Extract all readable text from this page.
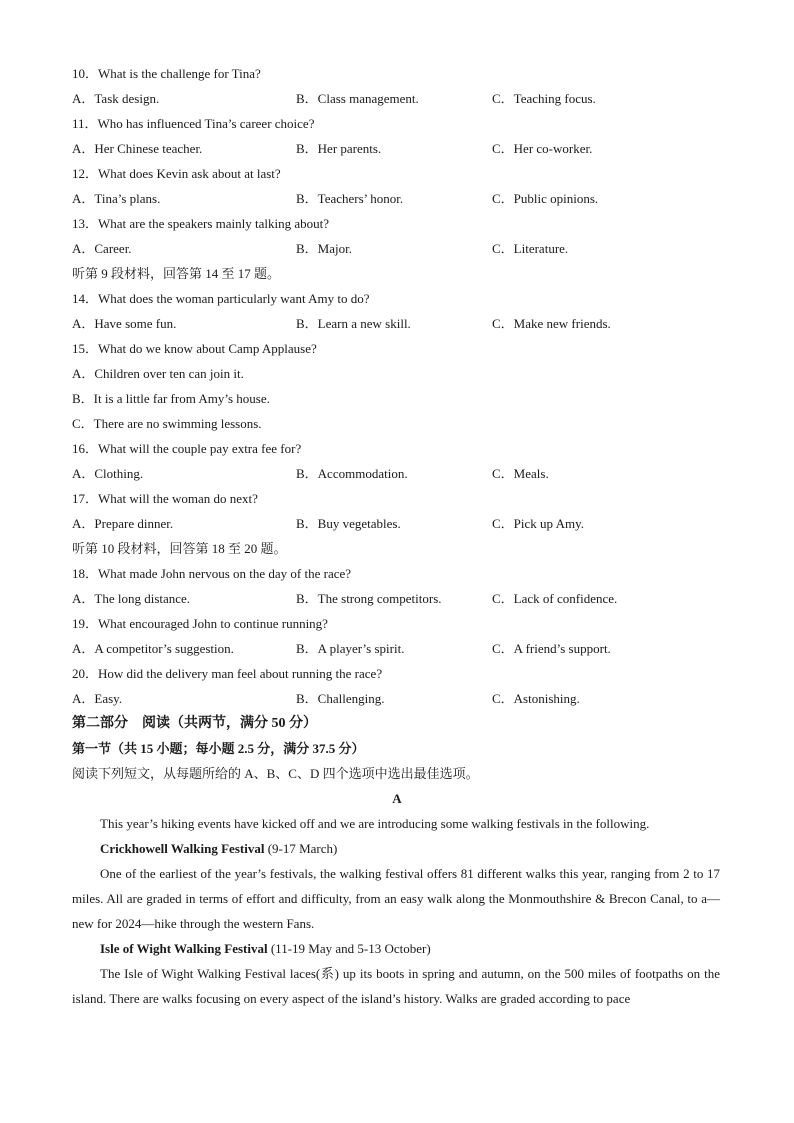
10．What is the challenge for Tina?
A．Task design.	B．Class management.	C．Teaching focus.
11．Who has influenced Tina’s career choice?
A．Her Chinese teacher.	B．Her parents.	C．Her co-worker.
12．What does Kevin ask about at last?
A．Tina’s plans.	B．Teachers’ honor.	C．Public opinions.
13．What are the speakers mainly talking about?
A．Career.	B．Major.	C．Literature.
听第 9 段材料，回答第 14 至 17 题。
14．What does the woman particularly want Amy to do?
A．Have some fun.	B．Learn a new skill.	C．Make new friends.
15．What do we know about Camp Applause?
A．Children over ten can join it.
B．It is a little far from Amy’s house.
C．There are no swimming lessons.
16．What will the couple pay extra fee for?
A．Clothing.	B．Accommodation.	C．Meals.
17．What will the woman do next?
A．Prepare dinner.	B．Buy vegetables.	C．Pick up Amy.
听第 10 段材料，回答第 18 至 20 题。
18．What made John nervous on the day of the race?
A．The long distance.	B．The strong competitors.	C．Lack of confidence.
19．What encouraged John to continue running?
A．A competitor’s suggestion.	B．A player’s spirit.	C．A friend’s support.
20．How did the delivery man feel about running the race?
A．Easy.	B．Challenging.	C．Astonishing.
第二部分　阅读（共两节，满分 50 分）
第一节（共 15 小题；每小题 2.5 分，满分 37.5 分）
阅读下列短文，从每题所给的 A、B、C、D 四个选项中选出最佳选项。
A
This year’s hiking events have kicked off and we are introducing some walking festivals in the following.
Crickhowell Walking Festival (9-17 March)
One of the earliest of the year’s festivals, the walking festival offers 81 different walks this year, ranging from 2 to 17 miles. All are graded in terms of effort and difficulty, from an easy walk along the Monmouthshire & Brecon Canal, to a—new for 2024—hike through the western Fans.
Isle of Wight Walking Festival (11-19 May and 5-13 October)
The Isle of Wight Walking Festival laces(系) up its boots in spring and autumn, on the 500 miles of footpaths on the island. There are walks focusing on every aspect of the island’s history. Walks are graded according to pace
